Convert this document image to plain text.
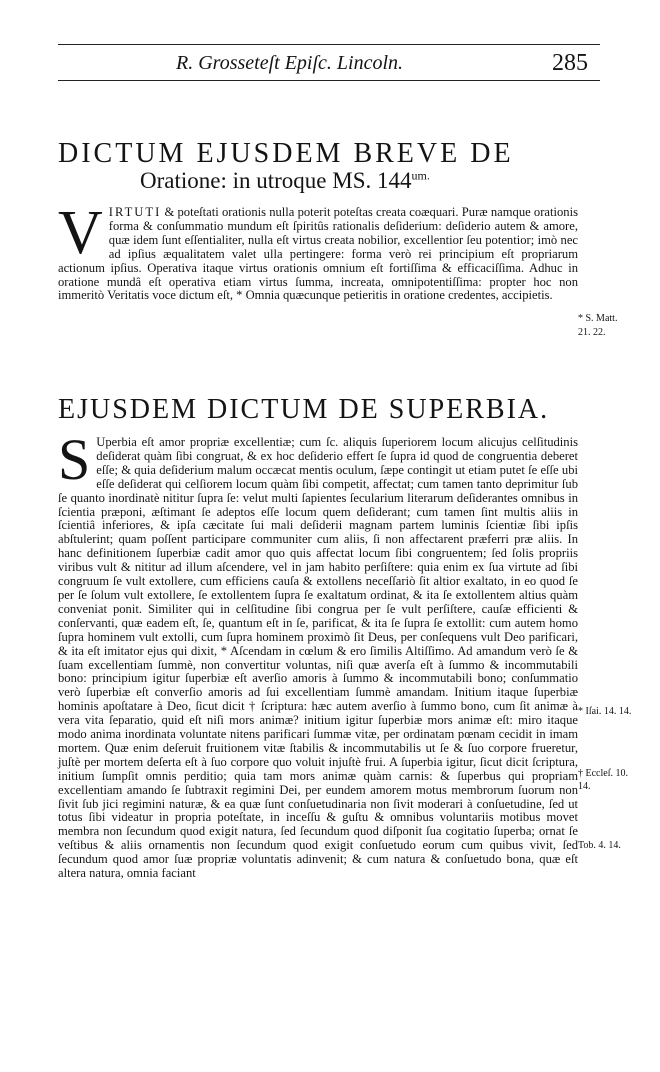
R. Grosseteſt Epiſc. Lincoln.	285
DICTUM EJUSDEM BREVE DE
Oratione: in utroque MS. $144^{um.}$
VIRTUTI & poteſtati orationis nulla poterit poteſtas creata coæquari. Puræ namque orationis forma & conſummatio mundum eſt ſpiritûs rationalis deſiderium: deſiderio autem & amore, quæ idem ſunt eſſentialiter, nulla eſt virtus creata nobilior, excellentior ſeu potentior; imò nec ad ipſius æqualitatem valet ulla pertingere: forma verò rei principium eſt propriarum actionum ipſius. Operativa itaque virtus orationis omnium eſt fortiſſima & efficaciſſima. Adhuc in oratione mundâ eſt operativa etiam virtus ſumma, increata, omnipotentiſſima: propter hoc non immeritò Veritatis voce dictum eſt, * Omnia quæcunque petieritis in oratione credentes, accipietis.
* S. Matt.
21. 22.
EJUSDEM DICTUM DE SUPERBIA.
S Uperbia eſt amor propriæ excellentiæ; cum ſc. aliquis ſuperiorem locum alicujus celſitudinis deſiderat quàm ſibi congruat, & ex hoc deſiderio effert ſe ſupra id quod de congruentia deberet eſſe; & quia deſiderium malum occæcat mentis oculum, ſæpe contingit ut etiam putet ſe eſſe ubi eſſe deſiderat qui celſiorem locum quàm ſibi competit, affectat; cum tamen tanto deprimitur ſub ſe quanto inordinatè nititur ſupra ſe: velut multi ſapientes ſecularium literarum deſiderantes omnibus in ſcientia præponi, æſtimant ſe adeptos eſſe locum quem deſiderant; cum tamen ſint multis aliis in ſcientiâ inferiores, & ipſa cæcitate ſui mali deſiderii magnam partem luminis ſcientiæ ſibi ipſis abſtulerint; quam poſſent participare communiter cum aliis, ſi non affectarent præferri præ aliis. In hanc definitionem ſuperbiæ cadit amor quo quis affectat locum ſibi congruentem; ſed ſolis propriis viribus vult & nititur ad illum aſcendere, vel in jam habito perſiſtere: quia enim ex ſua virtute ad ſibi congruum ſe vult extollere, cum efficiens cauſa & extollens neceſſariò ſit altior exaltato, in eo quod ſe per ſe ſolum vult extollere, ſe extollentem ſupra ſe exaltatum ordinat, & ita ſe extollentem altius quàm conveniat ponit. Similiter qui in celſitudine ſibi congrua per ſe vult perſiſtere, cauſæ efficienti & conſervanti, quæ eadem eſt, ſe, quantum eſt in ſe, parificat, & ita ſe ſupra ſe extollit: cum autem homo ſupra hominem vult extolli, cum ſupra hominem proximò ſit Deus, per conſequens vult Deo parificari, & ita eſt imitator ejus qui dixit, * Aſcendam in cœlum & ero ſimilis Altiſſimo. Ad amandum verò ſe & ſuam excellentiam ſummè, non convertitur voluntas, niſi quæ averſa eſt à ſummo & incommutabili bono: principium igitur ſuperbiæ eſt averſio amoris à ſummo & incommutabili bono; conſummatio verò ſuperbiæ eſt converſio amoris ad ſui excellentiam ſummè amandam. Initium itaque ſuperbiæ hominis apoſtatare à Deo, ſicut dicit † ſcriptura: hæc autem averſio à ſummo bono, cum ſit animæ à vera vita ſeparatio, quid eſt niſi mors animæ? initium igitur ſuperbiæ mors animæ eſt: miro itaque modo anima inordinata voluntate nitens parificari ſummæ vitæ, per ordinatam pœnam cecidit in imam mortem. Quæ enim deſeruit fruitionem vitæ ſtabilis & incommutabilis ut ſe & ſuo corpore frueretur, juſtè per mortem deſerta eſt à ſuo corpore quo voluit injuſtè frui. A ſuperbia igitur, ſicut dicit ſcriptura, initium ſumpſit omnis perditio; quia tam mors animæ quàm carnis: & ſuperbus qui propriam excellentiam amando ſe ſubtraxit regimini Dei, per eundem amorem motus membrorum ſuorum non ſivit ſub jici regimini naturæ, & ea quæ ſunt conſuetudinaria non ſivit moderari à conſuetudine, ſed ut totus ſibi videatur in propria poteſtate, in inceſſu & guſtu & omnibus voluntariis motibus movet membra non ſecundum quod exigit natura, ſed ſecundum quod diſponit ſua cogitatio ſuperba; ornat ſe veſtibus & aliis ornamentis non ſecundum quod exigit conſuetudo eorum cum quibus vivit, ſed ſecundum quod amor ſuæ propriæ voluntatis adinvenit; & cum natura & conſuetudo bona, quæ eſt altera natura, omnia faciant
* Iſai. 14. 14.
† Eccleſ. 10.
14.
Tob. 4. 14.
